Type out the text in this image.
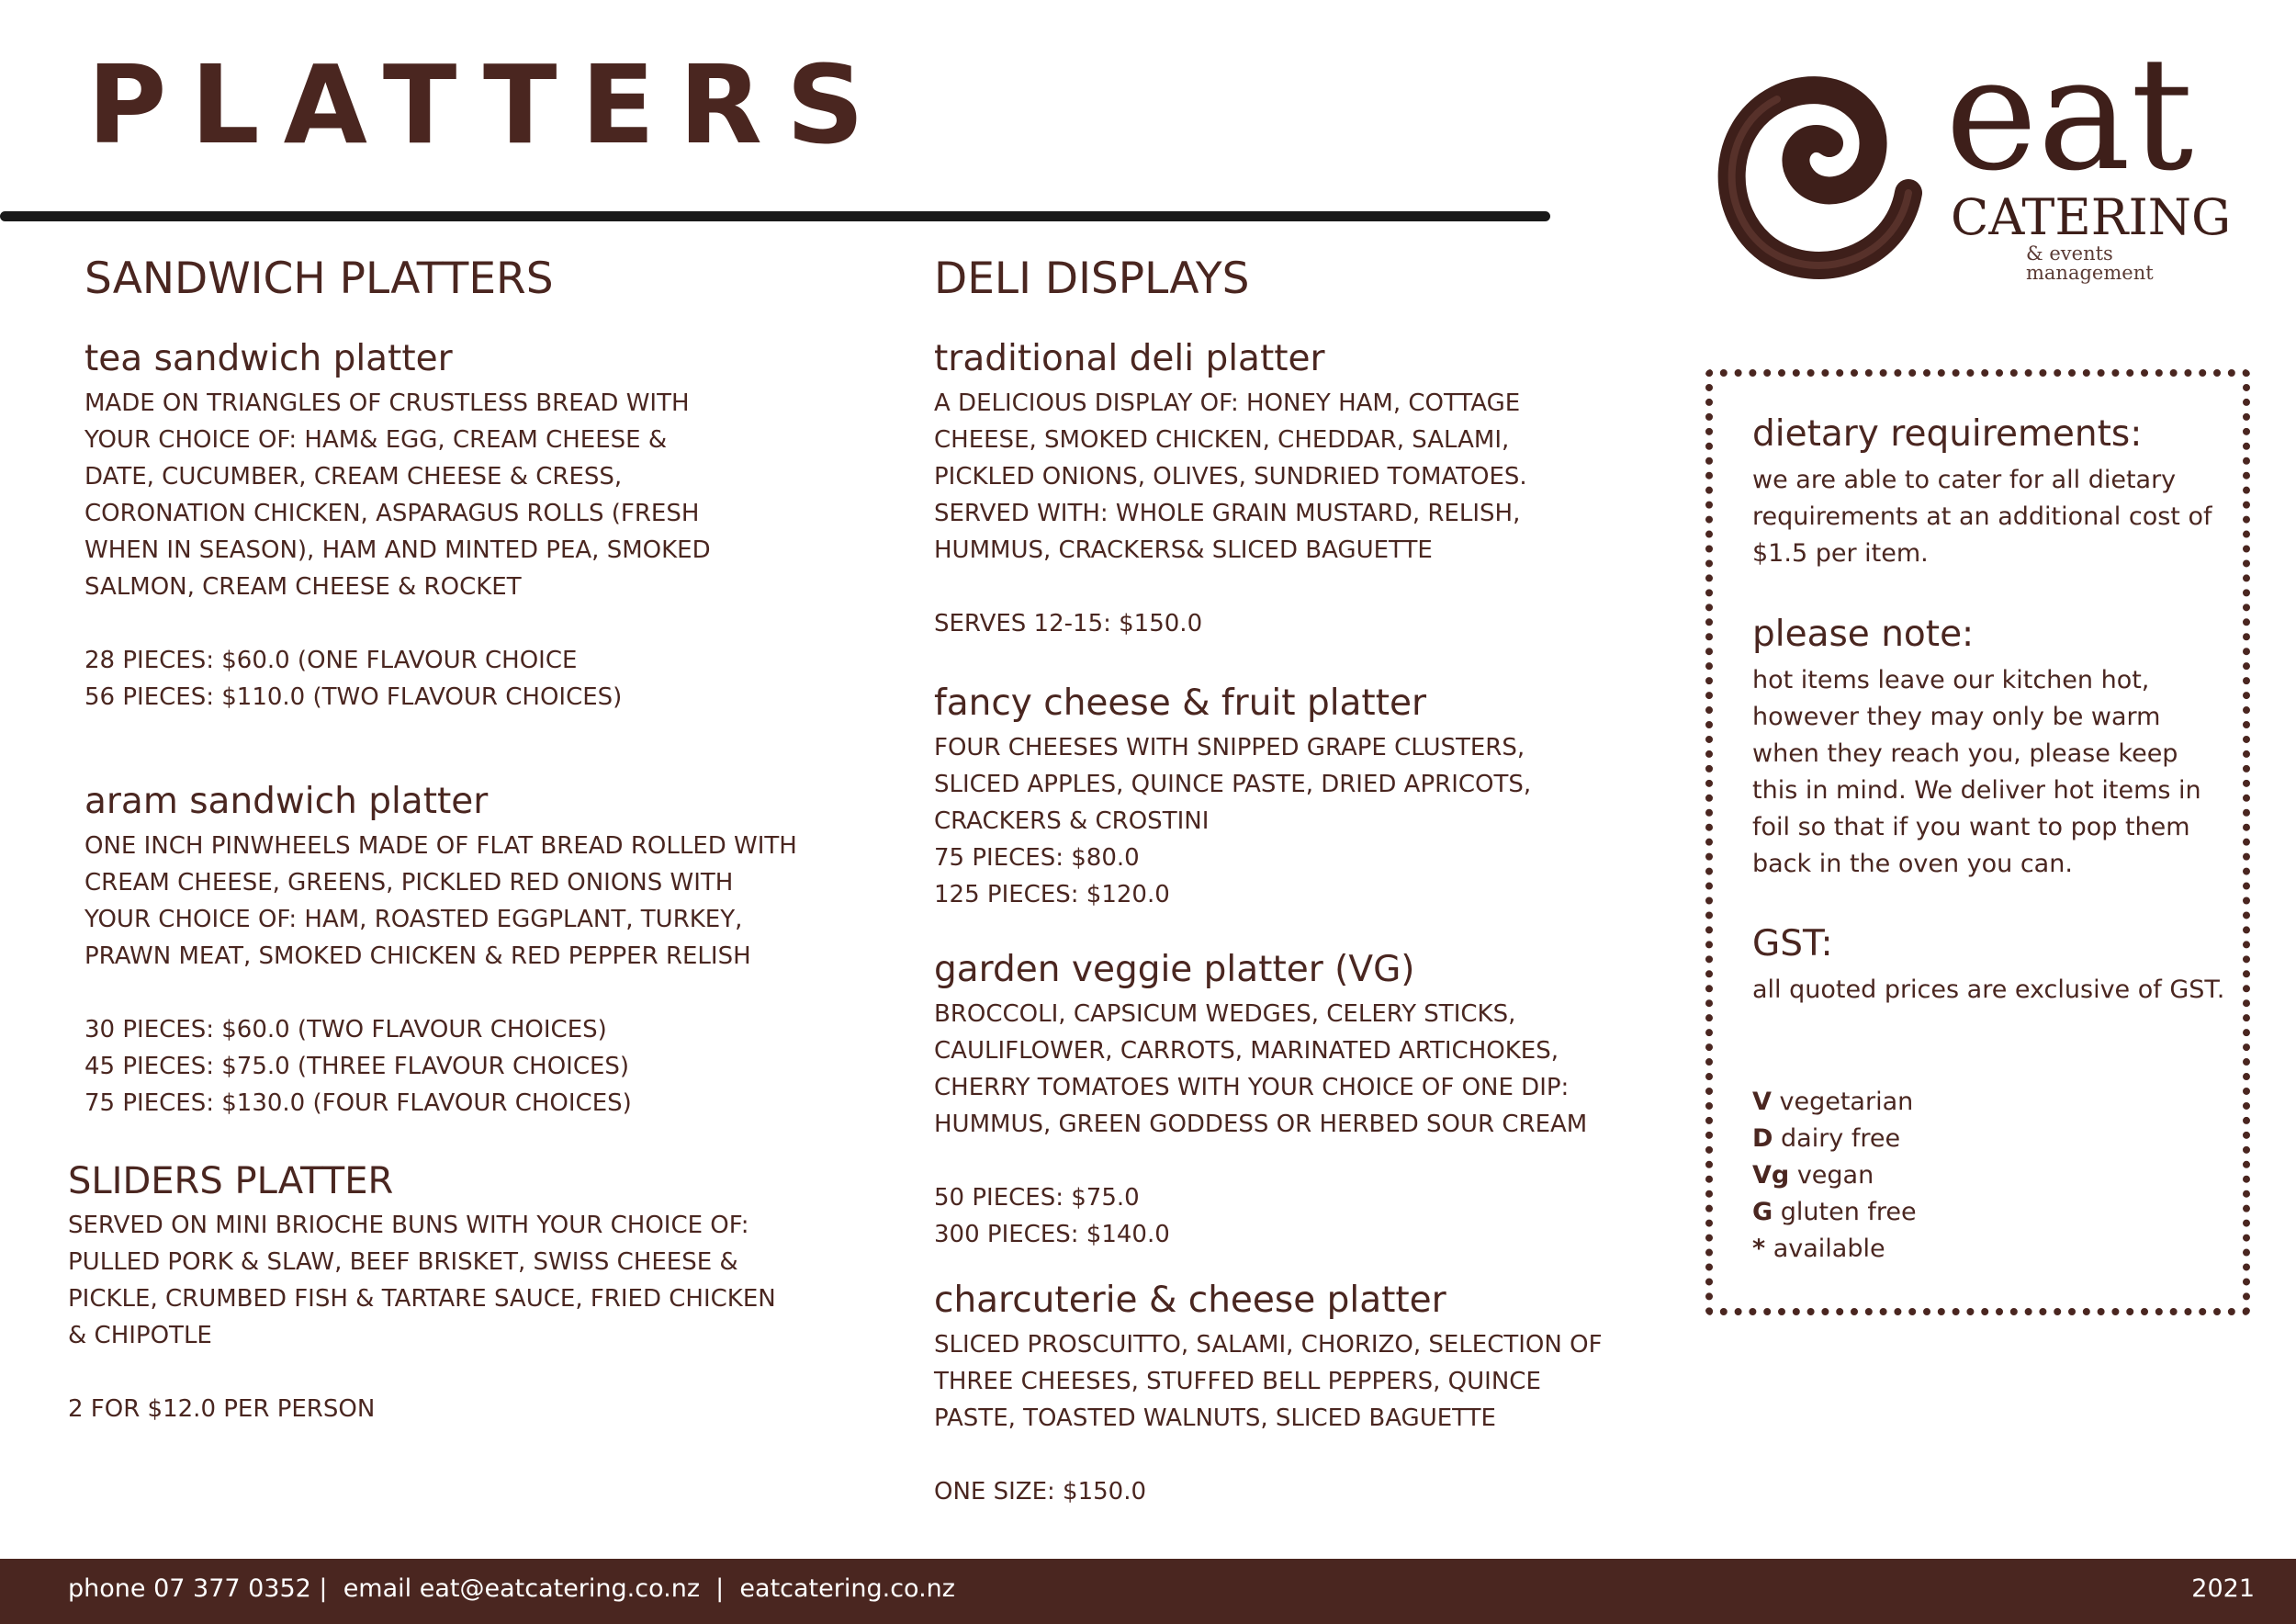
PLATTERS	eat
CATERING
& events management
SANDWICH PLATTERS
tea sandwich platter
MADE ON TRIANGLES OF CRUSTLESS BREAD WITH
YOUR CHOICE OF: HAM& EGG, CREAM CHEESE &
DATE, CUCUMBER, CREAM CHEESE & CRESS,
CORONATION CHICKEN, ASPARAGUS ROLLS (FRESH
WHEN IN SEASON), HAM AND MINTED PEA, SMOKED
SALMON, CREAM CHEESE & ROCKET
28 PIECES: $60.0 (ONE FLAVOUR CHOICE
56 PIECES: $110.0 (TWO FLAVOUR CHOICES)
aram sandwich platter
ONE INCH PINWHEELS MADE OF FLAT BREAD ROLLED WITH
CREAM CHEESE, GREENS, PICKLED RED ONIONS WITH
YOUR CHOICE OF: HAM, ROASTED EGGPLANT, TURKEY,
PRAWN MEAT, SMOKED CHICKEN & RED PEPPER RELISH
30 PIECES: $60.0 (TWO FLAVOUR CHOICES)
45 PIECES: $75.0 (THREE FLAVOUR CHOICES)
75 PIECES: $130.0 (FOUR FLAVOUR CHOICES)
SLIDERS PLATTER
SERVED ON MINI BRIOCHE BUNS WITH YOUR CHOICE OF:
PULLED PORK & SLAW, BEEF BRISKET, SWISS CHEESE &
PICKLE, CRUMBED FISH & TARTARE SAUCE, FRIED CHICKEN
& CHIPOTLE
2 FOR $12.0 PER PERSON
DELI DISPLAYS
traditional deli platter
A DELICIOUS DISPLAY OF: HONEY HAM, COTTAGE
CHEESE, SMOKED CHICKEN, CHEDDAR, SALAMI,
PICKLED ONIONS, OLIVES, SUNDRIED TOMATOES.
SERVED WITH: WHOLE GRAIN MUSTARD, RELISH,
HUMMUS, CRACKERS& SLICED BAGUETTE
SERVES 12-15: $150.0
fancy cheese & fruit platter
FOUR CHEESES WITH SNIPPED GRAPE CLUSTERS,
SLICED APPLES, QUINCE PASTE, DRIED APRICOTS,
CRACKERS & CROSTINI
75 PIECES: $80.0
125 PIECES: $120.0
garden veggie platter (VG)
BROCCOLI, CAPSICUM WEDGES, CELERY STICKS,
CAULIFLOWER, CARROTS, MARINATED ARTICHOKES,
CHERRY TOMATOES WITH YOUR CHOICE OF ONE DIP:
HUMMUS, GREEN GODDESS OR HERBED SOUR CREAM
50 PIECES: $75.0
300 PIECES: $140.0
charcuterie & cheese platter
SLICED PROSCUITTO, SALAMI, CHORIZO, SELECTION OF
THREE CHEESES, STUFFED BELL PEPPERS, QUINCE
PASTE, TOASTED WALNUTS, SLICED BAGUETTE
ONE SIZE: $150.0
dietary requirements:
we are able to cater for all dietary requirements at an additional cost of $1.5 per item.
please note:
hot items leave our kitchen hot, however they may only be warm when they reach you, please keep this in mind. We deliver hot items in foil so that if you want to pop them back in the oven you can.
GST:
all quoted prices are exclusive of GST.
V vegetarian
D dairy free
Vg vegan
G gluten free
* available
phone 07 377 0352 |  email eat@eatcatering.co.nz  |  eatcatering.co.nz	2021
